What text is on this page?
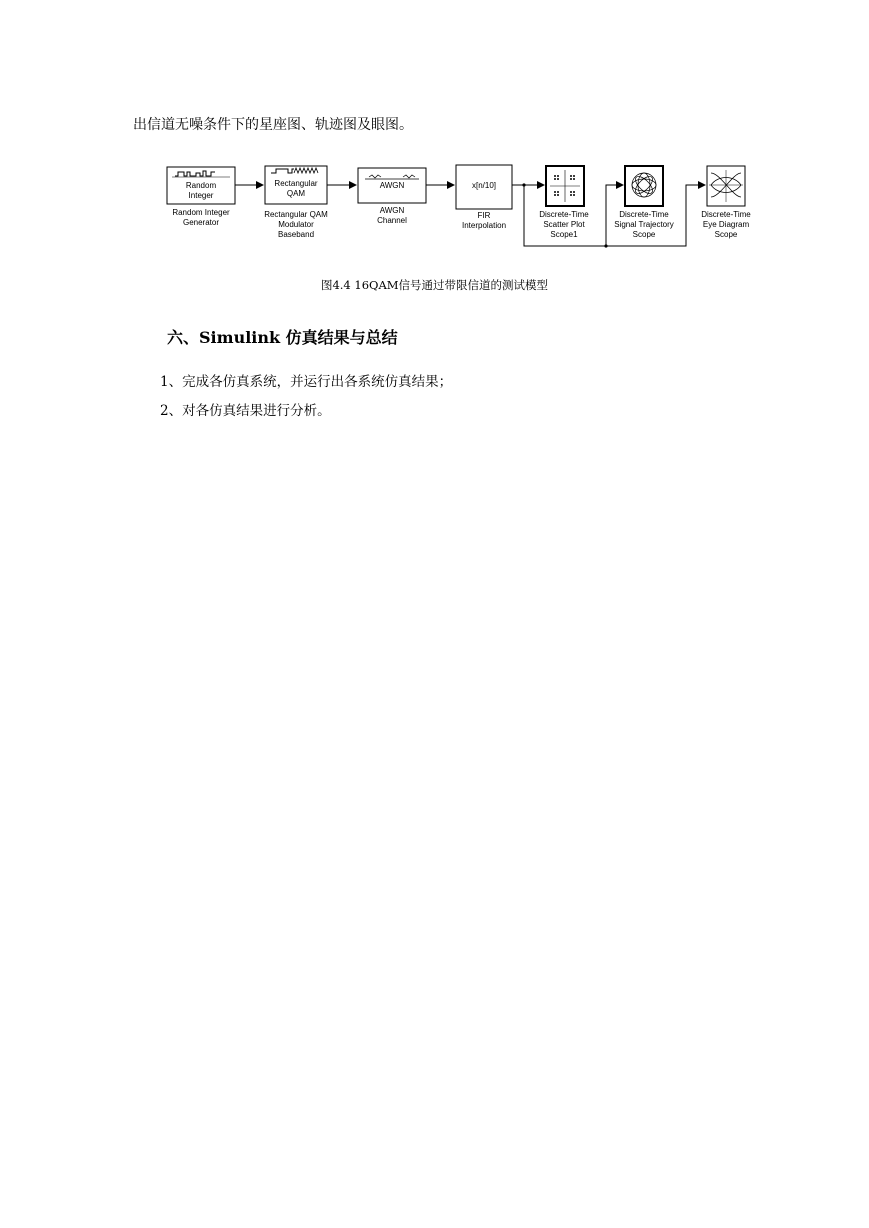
出信道无噪条件下的星座图、轨迹图及眼图。
Random
Integer
Random Integer
Generator
Rectangular
QAM
Rectangular QAM
Modulator
Baseband
AWGN
AWGN
Channel
x[n/10]
FIR
Interpolation
Discrete-Time
Scatter Plot
Scope1
Discrete-Time
Signal Trajectory
Scope
Discrete-Time
Eye Diagram
Scope
图4.4 16QAM信号通过带限信道的测试模型
六、Simulink 仿真结果与总结
1、完成各仿真系统，并运行出各系统仿真结果；
2、对各仿真结果进行分析。
